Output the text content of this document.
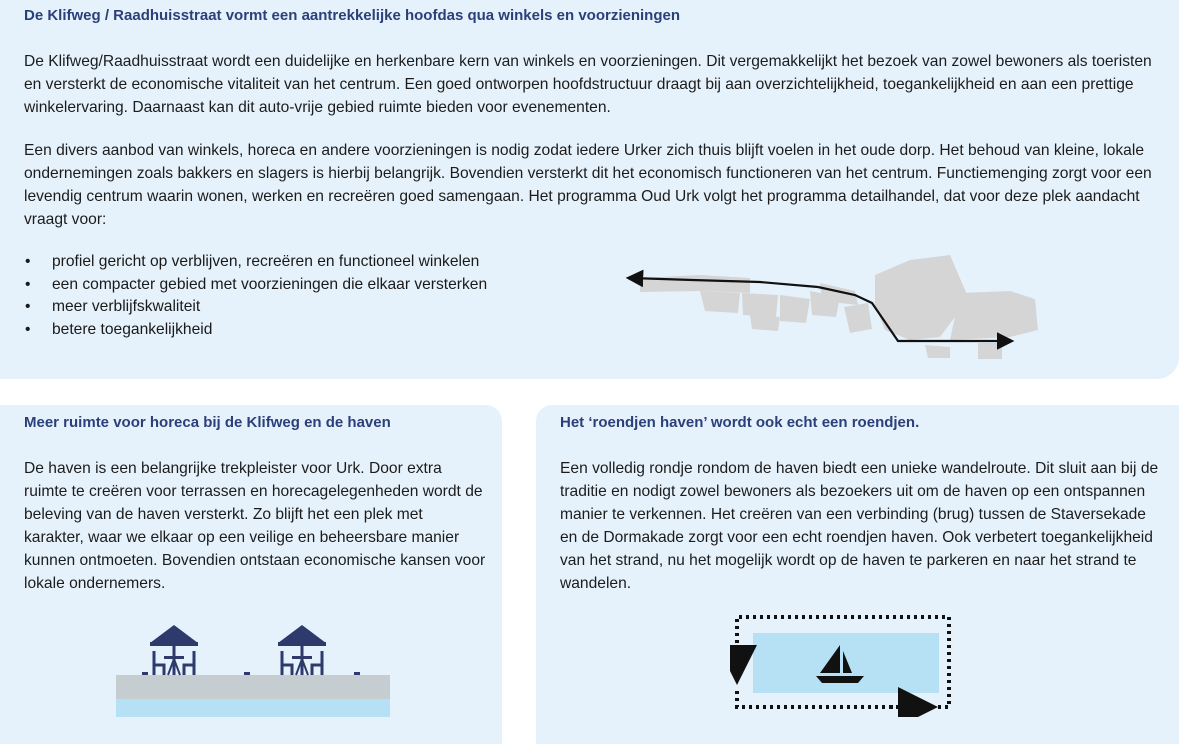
De Klifweg / Raadhuisstraat vormt een aantrekkelijke hoofdas qua winkels en voorzieningen

De Klifweg/Raadhuisstraat wordt een duidelijke en herkenbare kern van winkels en voorzieningen. Dit vergemakkelijkt het bezoek van zowel bewoners als toeristen en versterkt de economische vitaliteit van het centrum. Een goed ontworpen hoofdstructuur draagt bij aan overzichtelijkheid, toegankelijkheid en aan een prettige winkelervaring. Daarnaast kan dit auto-vrije gebied ruimte bieden voor evenementen.

Een divers aanbod van winkels, horeca en andere voorzieningen is nodig zodat iedere Urker zich thuis blijft voelen in het oude dorp. Het behoud van kleine, lokale ondernemingen zoals bakkers en slagers is hierbij belangrijk. Bovendien versterkt dit het economisch functioneren van het centrum. Functiemenging zorgt voor een levendig centrum waarin wonen, werken en recreëren goed samengaan. Het programma Oud Urk volgt het programma detailhandel, dat voor deze plek aandacht vraagt voor:

• profiel gericht op verblijven, recreëren en functioneel winkelen
• een compacter gebied met voorzieningen die elkaar versterken
• meer verblijfskwaliteit
• betere toegankelijkheid
Meer ruimte voor horeca bij de Klifweg en de haven

De haven is een belangrijke trekpleister voor Urk. Door extra ruimte te creëren voor terrassen en horecagelegenheden wordt de beleving van de haven versterkt. Zo blijft het een plek met karakter, waar we elkaar op een veilige en beheersbare manier kunnen ontmoeten. Bovendien ontstaan economische kansen voor lokale ondernemers.

Het ‘roendjen haven’ wordt ook echt een roendjen.

Een volledig rondje rondom de haven biedt een unieke wandelroute. Dit sluit aan bij de traditie en nodigt zowel bewoners als bezoekers uit om de haven op een ontspannen manier te verkennen. Het creëren van een verbinding (brug) tussen de Staversekade en de Dormakade zorgt voor een echt roendjen haven. Ook verbetert toegankelijkheid van het strand, nu het mogelijk wordt op de haven te parkeren en naar het strand te wandelen.
